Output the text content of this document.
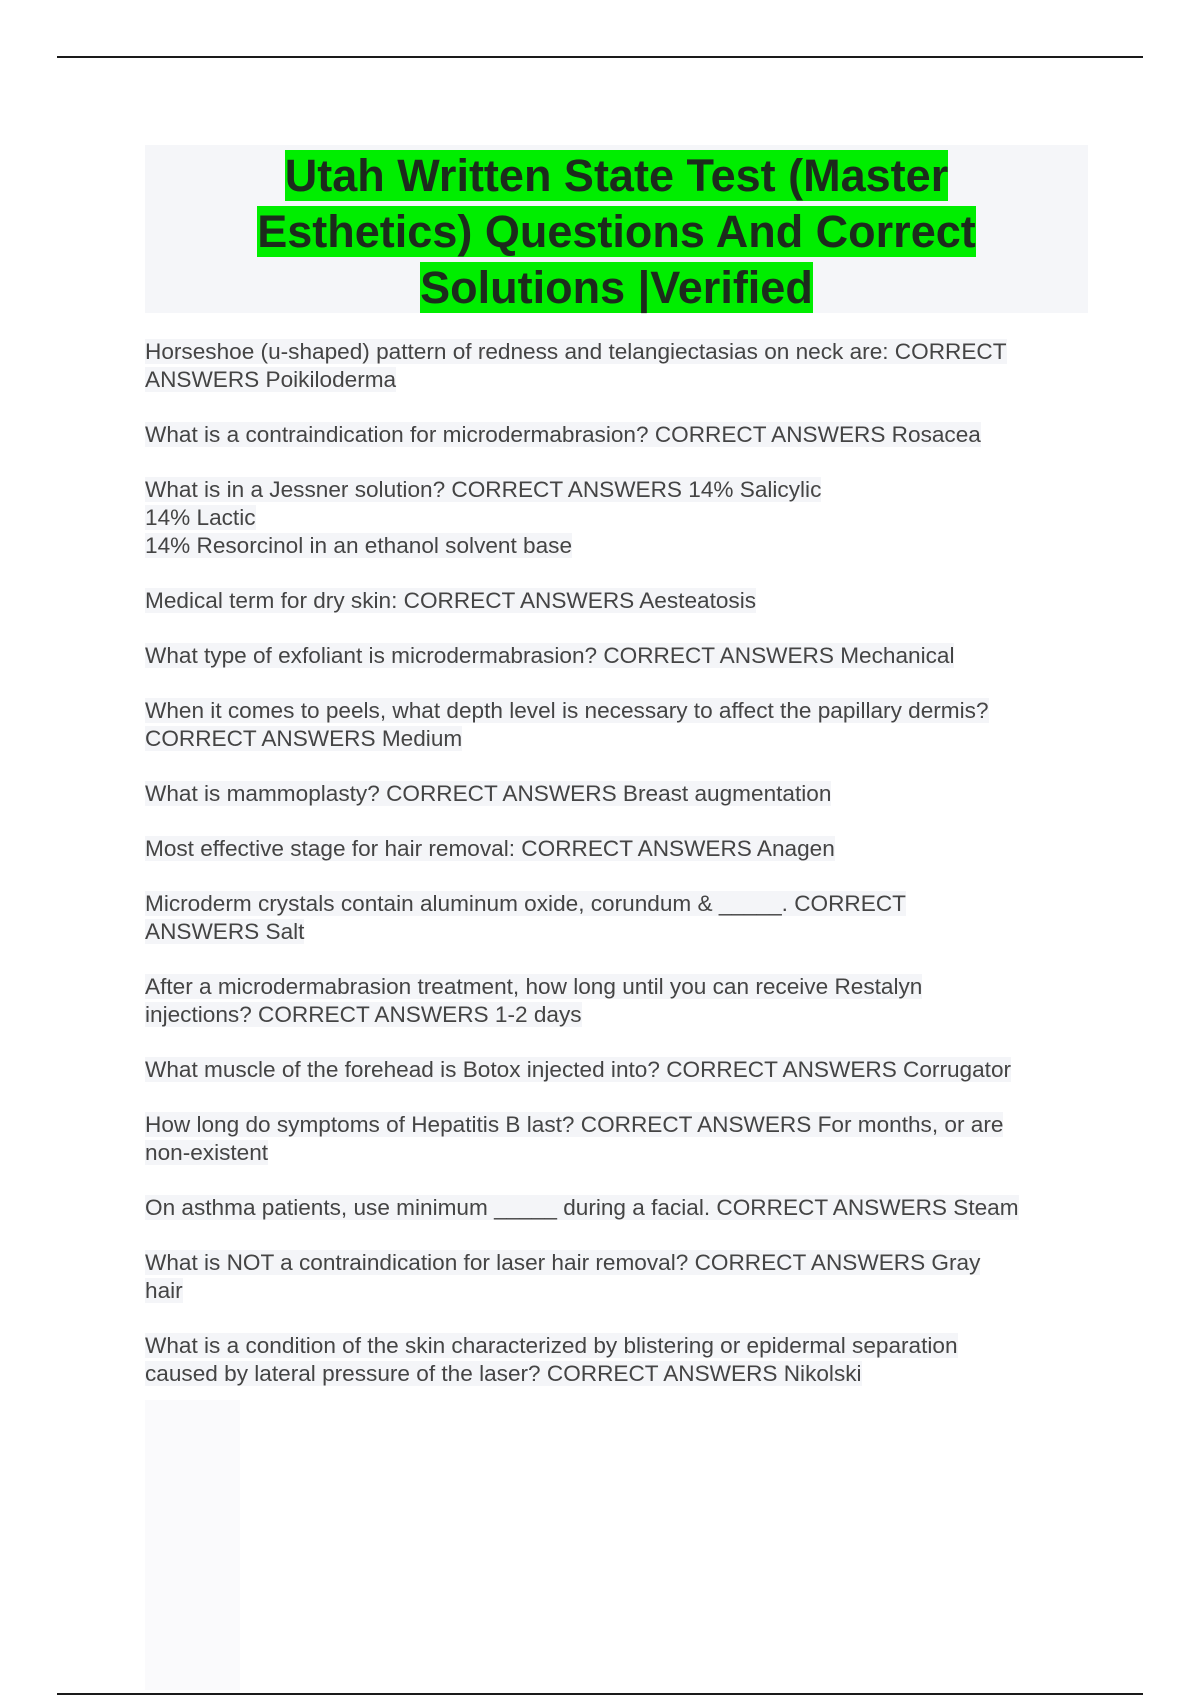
Utah Written State Test (Master Esthetics) Questions And Correct Solutions |Verified
Horseshoe (u-shaped) pattern of redness and telangiectasias on neck are: CORRECT
ANSWERS Poikiloderma
What is a contraindication for microdermabrasion? CORRECT ANSWERS Rosacea
What is in a Jessner solution? CORRECT ANSWERS 14% Salicylic
14% Lactic
14% Resorcinol in an ethanol solvent base
Medical term for dry skin: CORRECT ANSWERS Aesteatosis
What type of exfoliant is microdermabrasion? CORRECT ANSWERS Mechanical
When it comes to peels, what depth level is necessary to affect the papillary dermis?
CORRECT ANSWERS Medium
What is mammoplasty? CORRECT ANSWERS Breast augmentation
Most effective stage for hair removal: CORRECT ANSWERS Anagen
Microderm crystals contain aluminum oxide, corundum & _____. CORRECT
ANSWERS Salt
After a microdermabrasion treatment, how long until you can receive Restalyn
injections? CORRECT ANSWERS 1-2 days
What muscle of the forehead is Botox injected into? CORRECT ANSWERS Corrugator
How long do symptoms of Hepatitis B last? CORRECT ANSWERS For months, or are
non-existent
On asthma patients, use minimum _____ during a facial. CORRECT ANSWERS Steam
What is NOT a contraindication for laser hair removal? CORRECT ANSWERS Gray
hair
What is a condition of the skin characterized by blistering or epidermal separation
caused by lateral pressure of the laser? CORRECT ANSWERS Nikolski
